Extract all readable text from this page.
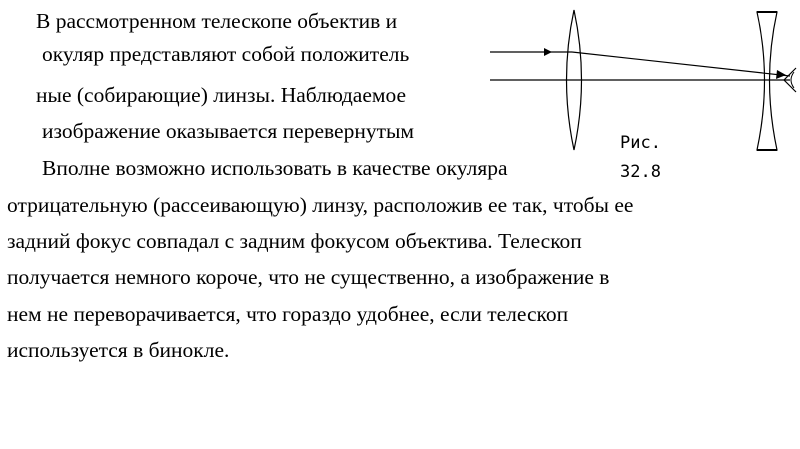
В рассмотренном телескопе объектив и
окуляр представляют собой положитель
ные (собирающие) линзы. Наблюдаемое
изображение оказывается перевернутым	Рис.
32.8
Вполне возможно использовать в качестве окуляра
отрицательную (рассеивающую) линзу, расположив ее так, чтобы ее
задний фокус совпадал с задним фокусом объектива. Телескоп
получается немного короче, что не существенно, а изображение в
нем не переворачивается, что гораздо удобнее, если телескоп
используется в бинокле.
